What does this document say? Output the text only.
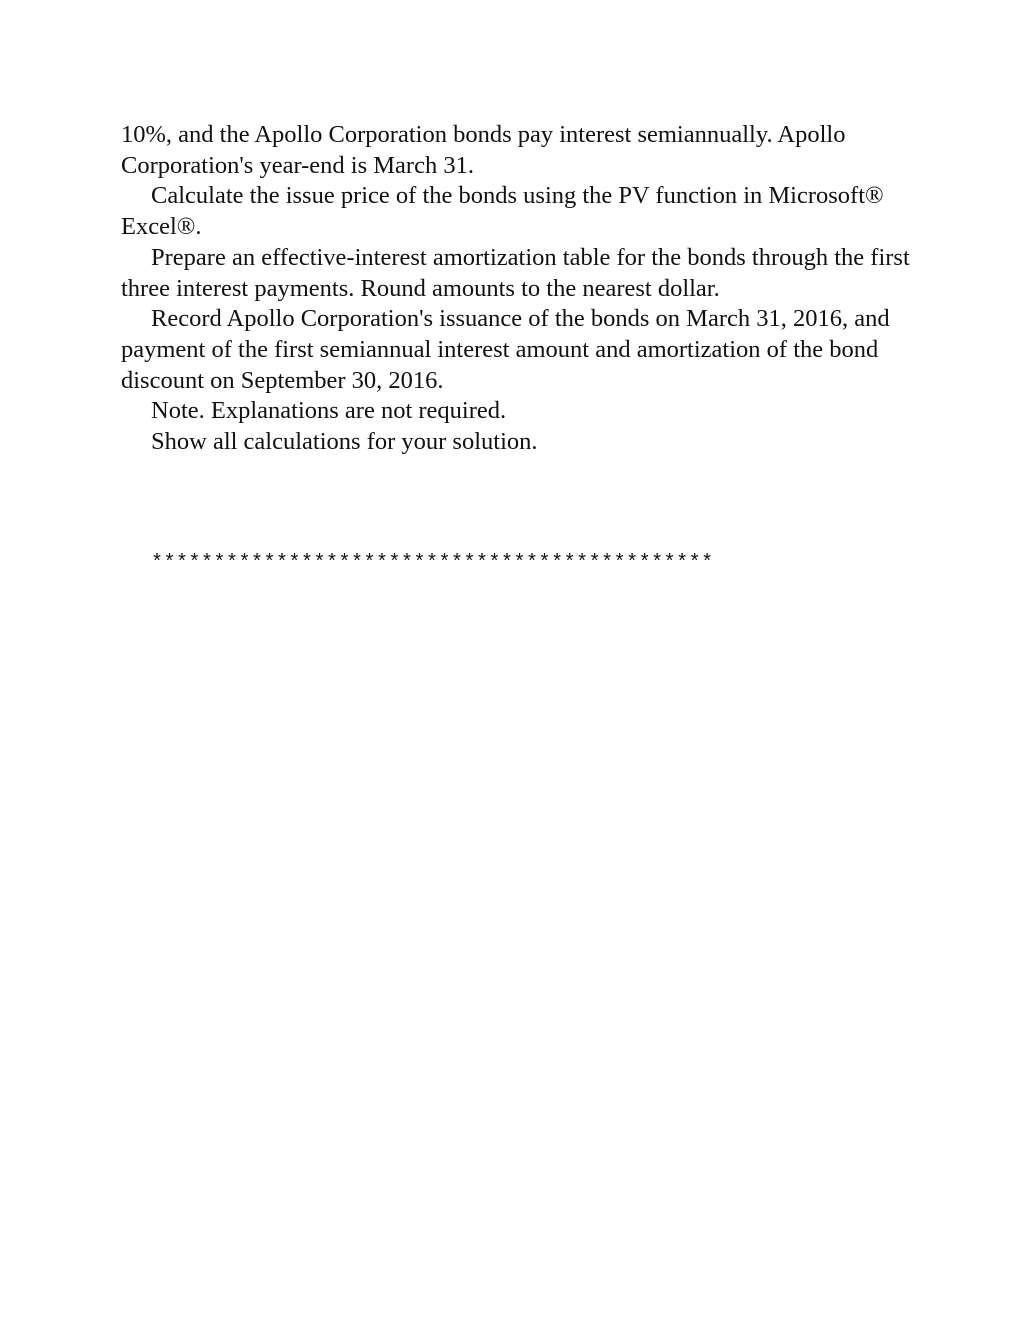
10%, and the Apollo Corporation bonds pay interest semiannually. Apollo Corporation's year-end is March 31.

Calculate the issue price of the bonds using the PV function in Microsoft® Excel®.

Prepare an effective-interest amortization table for the bonds through the first three interest payments. Round amounts to the nearest dollar.

Record Apollo Corporation's issuance of the bonds on March 31, 2016, and payment of the first semiannual interest amount and amortization of the bond discount on September 30, 2016.

Note. Explanations are not required.

Show all calculations for your solution.

*********************************************
